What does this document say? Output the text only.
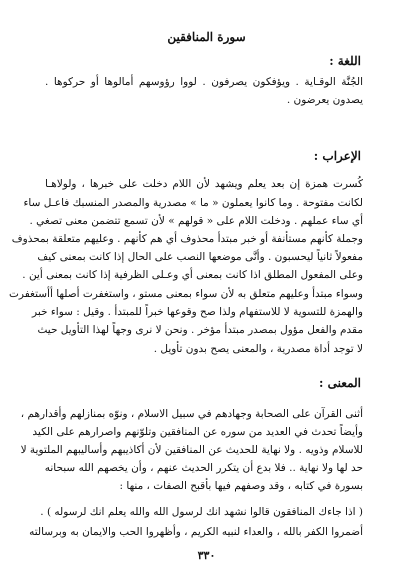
سورة المنافقين
اللغة :
الجُنَّة الوقـاية . ويؤفكون يصرفون . لووا رؤوسهم أمالوها أو حركوها .
يصدون يعرضون .
الإعراب :
كُسرت همزة إن بعد يعلم ويشهد لأن اللام دخلت على خبرها ، ولولاهـا
لكانت مفتوحة . وما كانوا يعملون « ما » مصدرية والمصدر المنسبك فاعـل ساء
أي ساء عملهم . ودخلت اللام على « قولهم » لأن تسمع تتضمن معنى تصغي .
وجملة كأنهم مستأنفة أو خبر مبتدأ محذوف أي هم كأنهم . وعليهم متعلقة بمحذوف
مفعولاً ثانياً ليحسبون . وأنَّى موضعها النصب على الحال إذا كانت بمعنى كيف
وعلى المفعول المطلق اذا كانت بمعنى أي وعـلى الظرفية إذا كانت بمعنى أين .
وسواء مبتدأ وعليهم متعلق به لأن سواء بمعنى مستو ، واستغفرت أصلها أأستغفرت
والهمزة للتسوية لا للاستفهام ولذا صح وقوعها خبراً للمبتدأ . وقيل : سواء خبر
مقدم والفعل مؤول بمصدر مبتدأ مؤخر . ونحن لا نرى وجهاً لهذا التأويل حيث
لا توجد أداة مصدرية ، والمعنى يصح بدون تأويل .
المعنى :
أثنى القرآن على الصحابة وجهادهم في سبيل الاسلام ، ونوّه بمنازلهم وأقدارهم ،
وأيضاً تحدث في العديد من سوره عن المنافقين وتلوّنهم واصرارهم على الكيد
للاسلام وذويه . ولا نهاية للحديث عن المنافقين لأن أكاذيبهم وأساليبهم الملتوية لا
حد لها ولا نهاية .. فلا بدع أن يتكرر الحديث عنهم ، وأن يخصهم الله سبحانه
بسورة في كتابه ، وقد وصفهم فيها بأقبح الصفات ، منها :
( اذا جاءك المنافقون قالوا نشهد انك لرسول الله والله يعلم انك لرسوله ) .
أضمروا الكفر بالله ، والعداء لنبيه الكريم ، وأظهروا الحب والايمان به وبرسالته
٣٣٠
